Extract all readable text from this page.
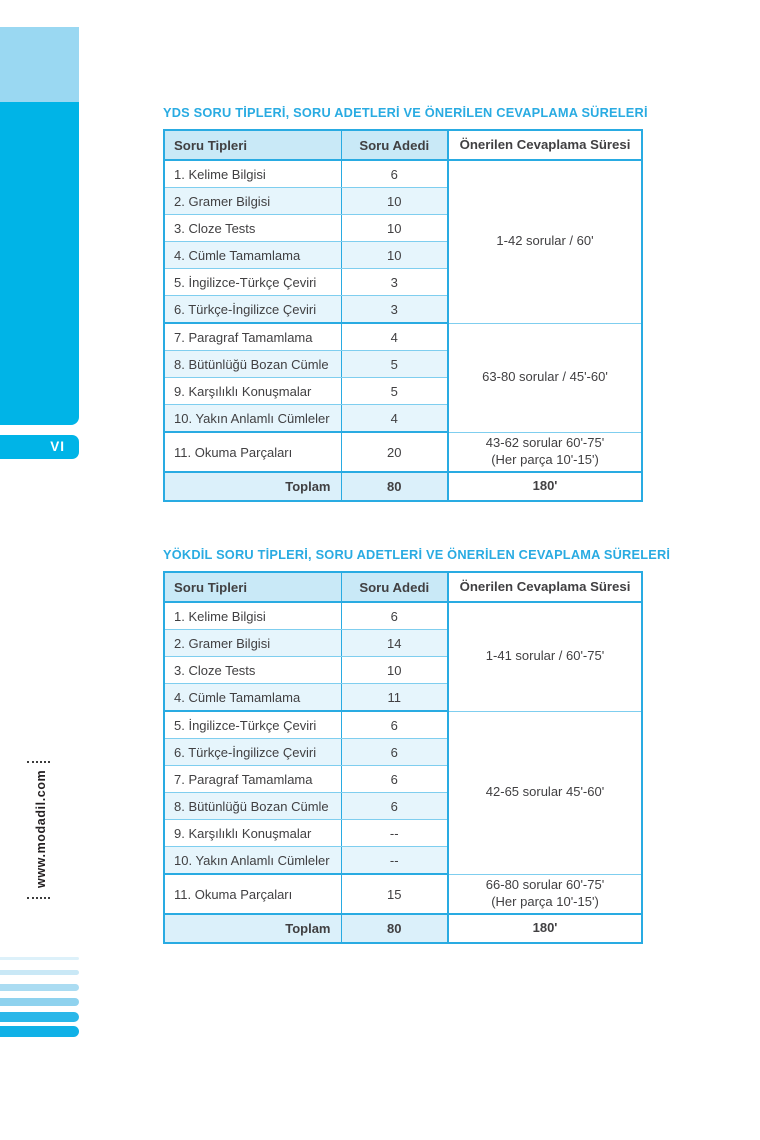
VI
www.modadil.com
YDS SORU TİPLERİ, SORU ADETLERİ VE ÖNERİLEN CEVAPLAMA SÜRELERİ
Soru Tipleri	Soru Adedi	Önerilen Cevaplama Süresi
1. Kelime Bilgisi	6	1-42 sorular / 60'
2. Gramer Bilgisi	10	
3. Cloze Tests	10	
4. Cümle Tamamlama	10	
5. İngilizce-Türkçe Çeviri	3	
6. Türkçe-İngilizce Çeviri	3	
7. Paragraf Tamamlama	4	63-80 sorular / 45'-60'
8. Bütünlüğü Bozan Cümle	5	
9. Karşılıklı Konuşmalar	5	
10. Yakın Anlamlı Cümleler	4	
11. Okuma Parçaları	20	43-62 sorular 60'-75'
(Her parça 10'-15')
Toplam	80	180'
YÖKDİL SORU TİPLERİ, SORU ADETLERİ VE ÖNERİLEN CEVAPLAMA SÜRELERİ
Soru Tipleri	Soru Adedi	Önerilen Cevaplama Süresi
1. Kelime Bilgisi	6	1-41 sorular / 60'-75'
2. Gramer Bilgisi	14	
3. Cloze Tests	10	
4. Cümle Tamamlama	11	
5. İngilizce-Türkçe Çeviri	6	42-65 sorular 45'-60'
6. Türkçe-İngilizce Çeviri	6	
7. Paragraf Tamamlama	6	
8. Bütünlüğü Bozan Cümle	6	
9. Karşılıklı Konuşmalar	--	
10. Yakın Anlamlı Cümleler	--	
11. Okuma Parçaları	15	66-80 sorular 60'-75'
(Her parça 10'-15')
Toplam	80	180'
